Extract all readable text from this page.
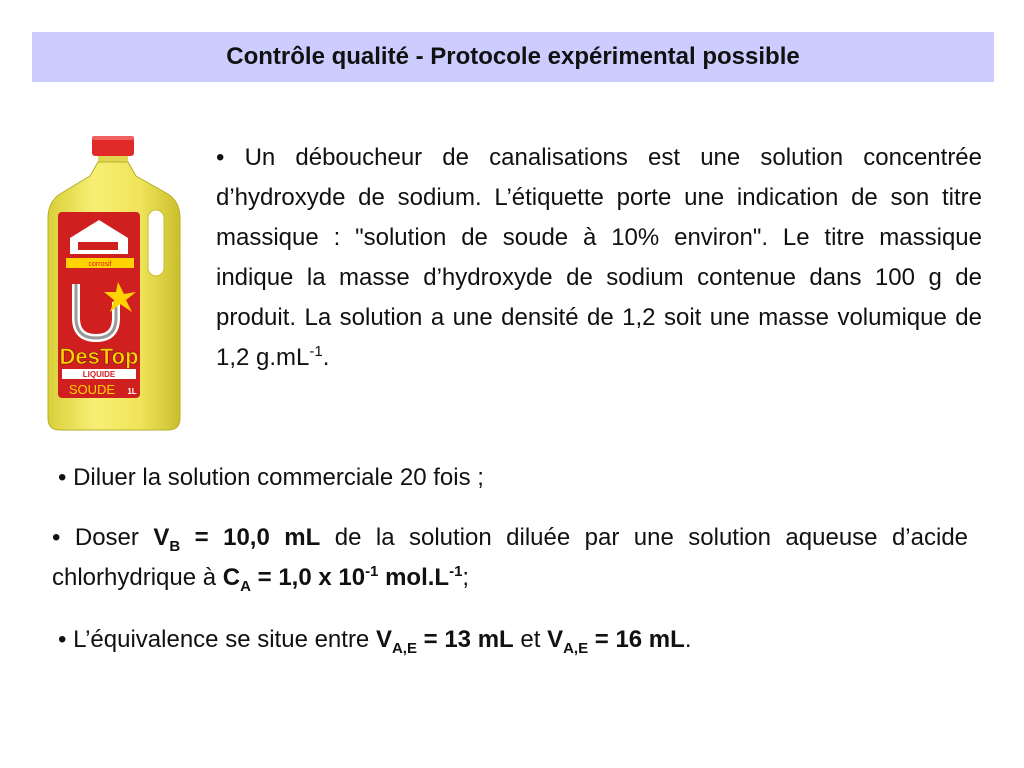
Contrôle qualité - Protocole expérimental possible
corrosif
DesTop
LIQUIDE
SOUDE 1L
• Un déboucheur de canalisations est une solution concentrée d’hydroxyde de sodium. L’étiquette porte une indication de son titre massique : "solution de soude à 10% environ". Le titre massique indique la masse d’hydroxyde de sodium contenue dans 100 g de produit. La solution a une densité de 1,2 soit une masse volumique de 1,2 $g.mL^{-1}$.
• Diluer la solution commerciale 20 fois ;
• Doser $V_B = 10,0$ mL de la solution diluée par une solution aqueuse d’acide chlorhydrique à $C_A = 1,0$ x $10^{-1}$ $mol.L^{-1}$;
• L’équivalence se situe entre $V_{A,E} = 13$ mL et $V_{A,E} = 16$ mL.
